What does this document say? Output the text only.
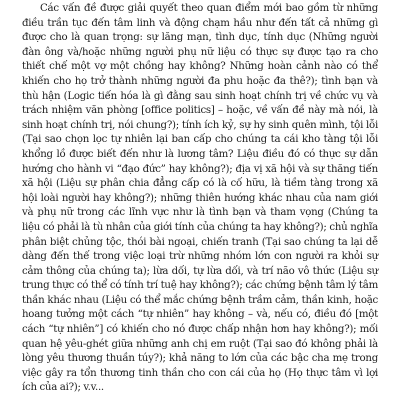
Các vấn đề được giải quyết theo quan điểm mới bao gồm từ những điều trần tục đến tâm linh và động chạm hầu như đến tất cả những gì được cho là quan trọng: sự lăng mạn, tình dục, tính dục (Những người đàn ông và/hoặc những người phụ nữ liệu có thực sự được tạo ra cho thiết chế một vợ một chồng hay không? Những hoàn cảnh nào có thể khiến cho họ trở thành những người đa phu hoặc đa thê?); tình bạn và thù hận (Logic tiến hóa là gì đằng sau sinh hoạt chính trị về chức vụ và trách nhiệm văn phòng [office politics] – hoặc, về vấn đề này mà nói, là sinh hoạt chính trị, nói chung?); tính ích kỷ, sự hy sinh quên mình, tội lỗi (Tại sao chọn lọc tự nhiên lại ban cấp cho chúng ta cái kho tàng tội lỗi khổng lồ được biết đến như là lương tâm? Liệu điều đó có thực sự dẫn hướng cho hành vi “đạo đức” hay không?); địa vị xã hội và sự thăng tiến xã hội (Liệu sự phân chia đẳng cấp có là cố hữu, là tiềm tàng trong xã hội loài người hay không?); những thiên hướng khác nhau của nam giới và phụ nữ trong các lĩnh vực như là tình bạn và tham vọng (Chúng ta liệu có phải là tù nhân của giới tính của chúng ta hay không?); chủ nghĩa phân biệt chủng tộc, thói bài ngoại, chiến tranh (Tại sao chúng ta lại dễ dàng đến thế trong việc loại trừ những nhóm lớn con người ra khỏi sự cảm thông của chúng ta); lừa dối, tự lừa dối, và trí não vô thức (Liệu sự trung thực có thể có tính trí tuệ hay không?); các chứng bệnh tâm lý tâm thần khác nhau (Liệu có thể mắc chứng bệnh trầm cảm, thần kinh, hoặc hoang tưởng một cách “tự nhiên” hay không – và, nếu có, điều đó [một cách “tự nhiên”] có khiến cho nó được chấp nhận hơn hay không?); mối quan hệ yêu-ghét giữa những anh chị em ruột (Tại sao đó không phải là lòng yêu thương thuần túy?); khả năng to lớn của các bậc cha mẹ trong việc gây ra tổn thương tinh thần cho con cái của họ (Họ thực tâm vì lợi ích của ai?); v.v...
